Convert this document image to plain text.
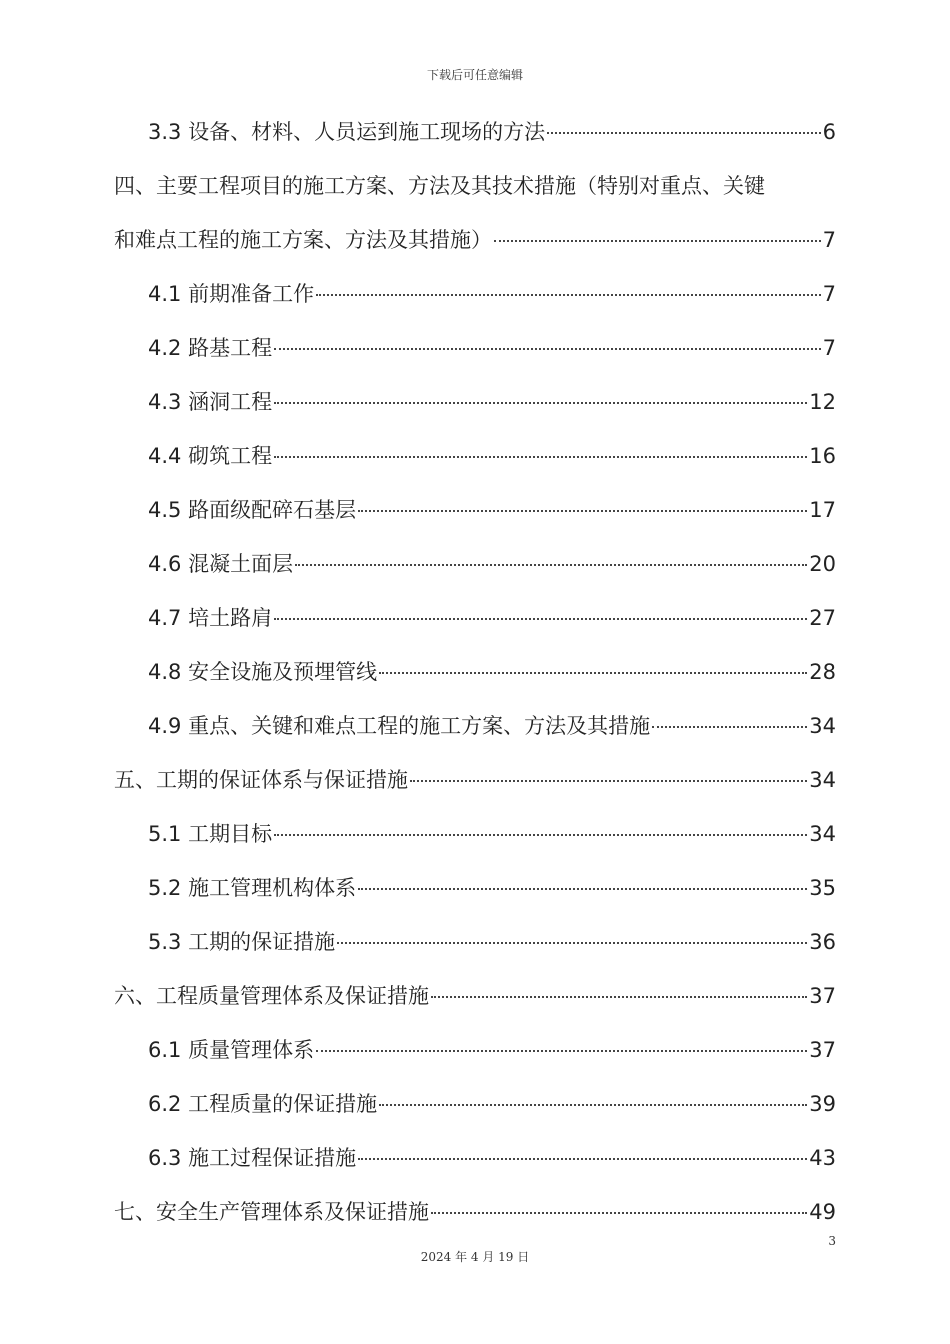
下载后可任意编辑
3.3 设备、材料、人员运到施工现场的方法	6
四、主要工程项目的施工方案、方法及其技术措施（特别对重点、关键
和难点工程的施工方案、方法及其措施）	7
4.1 前期准备工作	7
4.2 路基工程	7
4.3 涵洞工程	12
4.4 砌筑工程	16
4.5 路面级配碎石基层	17
4.6 混凝土面层	20
4.7 培土路肩	27
4.8 安全设施及预埋管线	28
4.9 重点、关键和难点工程的施工方案、方法及其措施	34
五、工期的保证体系与保证措施	34
5.1 工期目标	34
5.2 施工管理机构体系	35
5.3 工期的保证措施	36
六、工程质量管理体系及保证措施	37
6.1 质量管理体系	37
6.2 工程质量的保证措施	39
6.3 施工过程保证措施	43
七、安全生产管理体系及保证措施	49
3
2024 年 4 月 19 日
